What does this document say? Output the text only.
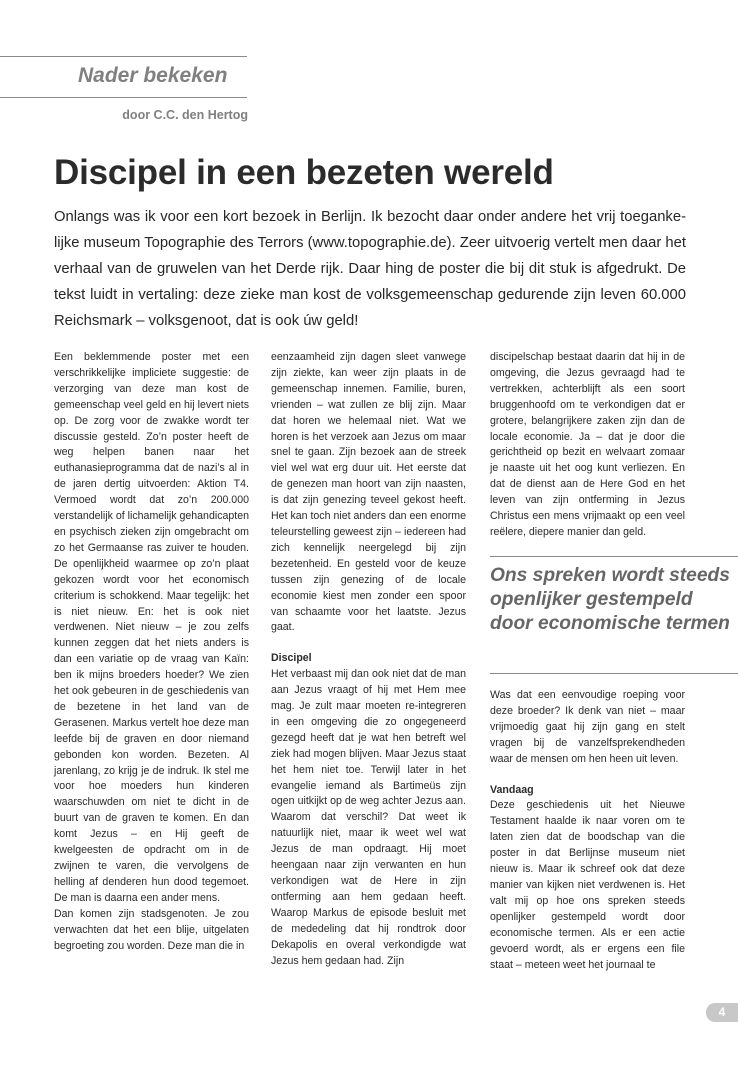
Nader bekeken
door C.C. den Hertog
Discipel in een bezeten wereld

Onlangs was ik voor een kort bezoek in Berlijn. Ik bezocht daar onder andere het vrij toegankelijke museum Topographie des Terrors (www.topographie.de). Zeer uitvoerig vertelt men daar het verhaal van de gruwelen van het Derde rijk. Daar hing de poster die bij dit stuk is afgedrukt. De tekst luidt in vertaling: deze zieke man kost de volksgemeenschap gedurende zijn leven 60.000 Reichsmark – volksgenoot, dat is ook úw geld!

Een beklemmende poster met een verschrikkelijke impliciete suggestie: de verzorging van deze man kost de gemeenschap veel geld en hij levert niets op. De zorg voor de zwakke wordt ter discussie gesteld. Zo’n poster heeft de weg helpen banen naar het euthanasieprogramma dat de nazi’s al in de jaren dertig uitvoerden: Aktion T4. Vermoed wordt dat zo’n 200.000 verstandelijk of lichamelijk gehandicapten en psychisch zieken zijn omgebracht om zo het Germaanse ras zuiver te houden. De openlijkheid waarmee op zo’n plaat gekozen wordt voor het economisch criterium is schokkend. Maar tegelijk: het is niet nieuw. En: het is ook niet verdwenen. Niet nieuw – je zou zelfs kunnen zeggen dat het niets anders is dan een variatie op de vraag van Kaïn: ben ik mijns broeders hoeder? We zien het ook gebeuren in de geschiedenis van de bezetene in het land van de Gerasenen. Markus vertelt hoe deze man leefde bij de graven en door niemand gebonden kon worden. Bezeten. Al jarenlang, zo krijg je de indruk. Ik stel me voor hoe moeders hun kinderen waarschuwden om niet te dicht in de buurt van de graven te komen. En dan komt Jezus – en Hij geeft de kwelgeesten de opdracht om in de zwijnen te varen, die vervolgens de helling af denderen hun dood tegemoet. De man is daarna een ander mens.

Dan komen zijn stadsgenoten. Je zou verwachten dat het een blije, uitgelaten begroeting zou worden. Deze man die in

eenzaamheid zijn dagen sleet vanwege zijn ziekte, kan weer zijn plaats in de gemeenschap innemen. Familie, buren, vrienden – wat zullen ze blij zijn. Maar dat horen we helemaal niet. Wat we horen is het verzoek aan Jezus om maar snel te gaan. Zijn bezoek aan de streek viel wel wat erg duur uit. Het eerste dat de genezen man hoort van zijn naasten, is dat zijn genezing teveel gekost heeft. Het kan toch niet anders dan een enorme teleurstelling geweest zijn – iedereen had zich kennelijk neergelegd bij zijn bezetenheid. En gesteld voor de keuze tussen zijn genezing of de locale economie kiest men zonder een spoor van schaamte voor het laatste. Jezus gaat.

Discipel

Het verbaast mij dan ook niet dat de man aan Jezus vraagt of hij met Hem mee mag. Je zult maar moeten re-integreren in een omgeving die zo ongegeneerd gezegd heeft dat je wat hen betreft wel ziek had mogen blijven. Maar Jezus staat het hem niet toe. Terwijl later in het evangelie iemand als Bartimeüs zijn ogen uitkijkt op de weg achter Jezus aan. Waarom dat verschil? Dat weet ik natuurlijk niet, maar ik weet wel wat Jezus de man opdraagt. Hij moet heengaan naar zijn verwanten en hun verkondigen wat de Here in zijn ontferming aan hem gedaan heeft. Waarop Markus de episode besluit met de mededeling dat hij rondtrok door Dekapolis en overal verkondigde wat Jezus hem gedaan had. Zijn

discipelschap bestaat daarin dat hij in de omgeving, die Jezus gevraagd had te vertrekken, achterblijft als een soort bruggenhoofd om te verkondigen dat er grotere, belangrijkere zaken zijn dan de locale economie. Ja – dat je door die gerichtheid op bezit en welvaart zomaar je naaste uit het oog kunt verliezen. En dat de dienst aan de Here God en het leven van zijn ontferming in Jezus Christus een mens vrijmaakt op een veel reëlere, diepere manier dan geld.

Ons spreken wordt steeds openlijker gestempeld door economische termen

Was dat een eenvoudige roeping voor deze broeder? Ik denk van niet – maar vrijmoedig gaat hij zijn gang en stelt vragen bij de vanzelfsprekendheden waar de mensen om hen heen uit leven.

Vandaag

Deze geschiedenis uit het Nieuwe Testament haalde ik naar voren om te laten zien dat de boodschap van die poster in dat Berlijnse museum niet nieuw is. Maar ik schreef ook dat deze manier van kijken niet verdwenen is. Het valt mij op hoe ons spreken steeds openlijker gestempeld wordt door economische termen. Als er een actie gevoerd wordt, als er ergens een file staat – meteen weet het journaal te

4
